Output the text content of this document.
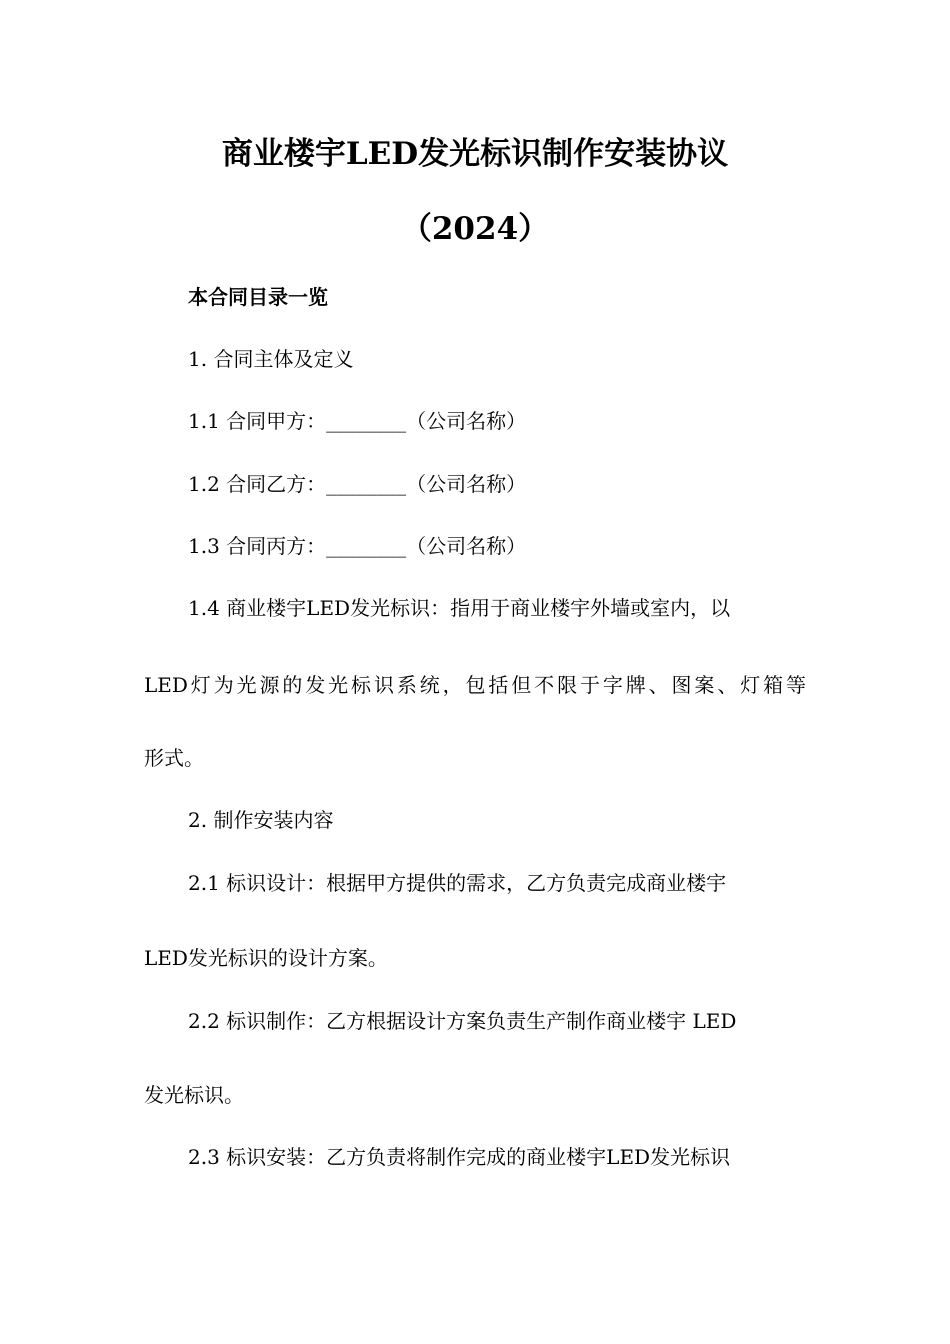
商业楼宇LED发光标识制作安装协议
（2024）
本合同目录一览
1. 合同主体及定义
1.1 合同甲方：________（公司名称）
1.2 合同乙方：________（公司名称）
1.3 合同丙方：________（公司名称）
1.4 商业楼宇LED发光标识：指用于商业楼宇外墙或室内，以
LED灯为光源的发光标识系统，包括但不限于字牌、图案、灯箱等
形式。
2. 制作安装内容
2.1 标识设计：根据甲方提供的需求，乙方负责完成商业楼宇
LED发光标识的设计方案。
2.2 标识制作：乙方根据设计方案负责生产制作商业楼宇 LED
发光标识。
2.3 标识安装：乙方负责将制作完成的商业楼宇LED发光标识
